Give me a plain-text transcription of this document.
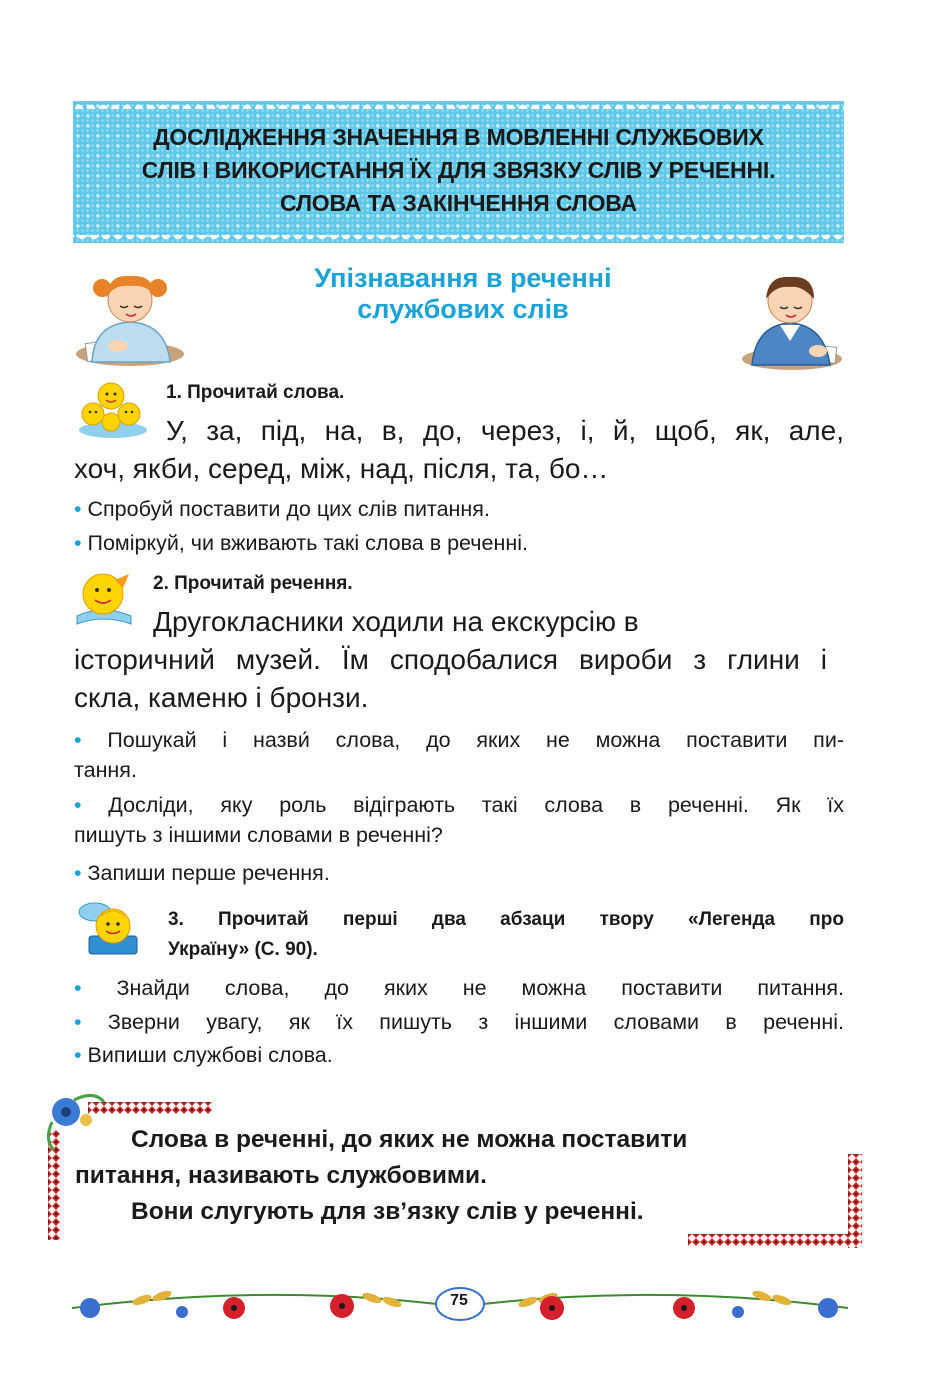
ДОСЛІДЖЕННЯ ЗНАЧЕННЯ В МОВЛЕННІ СЛУЖБОВИХ
СЛІВ І ВИКОРИСТАННЯ ЇХ ДЛЯ ЗВЯЗКУ СЛІВ У РЕЧЕННІ.
СЛОВА ТА ЗАКІНЧЕННЯ СЛОВА
Упізнавання в реченні
службових слів
1. Прочитай слова.
У, за, під, на, в, до, через, і, й, щоб, як, але,
хоч, якби, серед, між, над, після, та, бо…
• Спробуй поставити до цих слів питання.
• Поміркуй, чи вживають такі слова в реченні.
2. Прочитай речення.
Другокласники ходили на екскурсію в
історичний музей. Їм сподобалися вироби з глини і
скла, каменю і бронзи.
• Пошукай і назви́ слова, до яких не можна поставити пи-
тання.
• Досліди, яку роль відіграють такі слова в реченні. Як їх
пишуть з іншими словами в реченні?
• Запиши перше речення.
3. Прочитай перші два абзаци твору «Легенда про
Україну» (С. 90).
• Знайди слова, до яких не можна поставити питання.
• Зверни увагу, як їх пишуть з іншими словами в реченні.
• Випиши службові слова.
Слова в реченні, до яких не можна поставити
питання, називають службовими.
Вони слугують для зв’язку слів у реченні.
75
